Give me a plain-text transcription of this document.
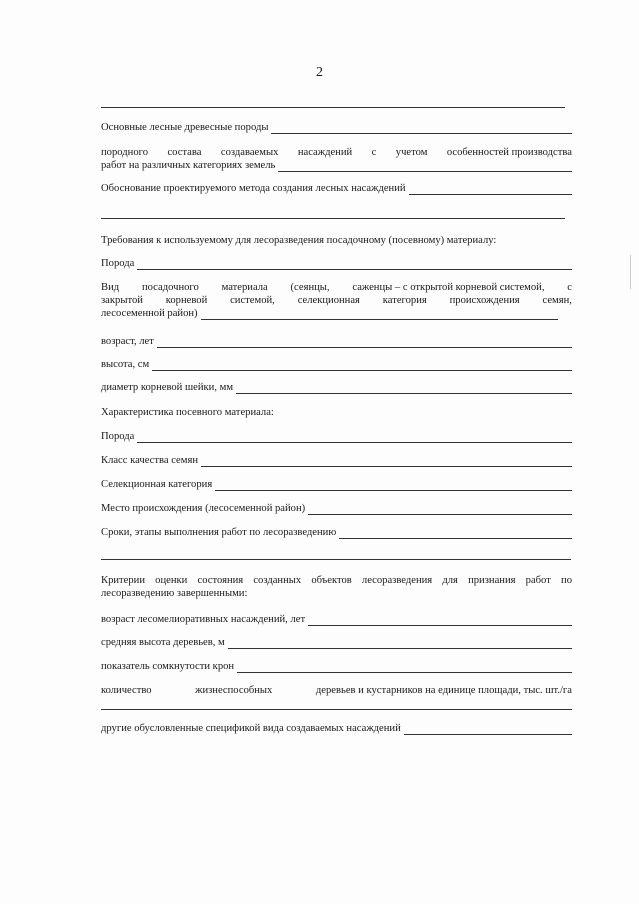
2
Основные лесные древесные породы
породного состава создаваемых насаждений с учетом особенностей производства
работ на различных категориях земель
Обоснование проектируемого метода создания лесных насаждений
Требования к используемому для лесоразведения посадочному (посевному) материалу:
Порода
Вид посадочного материала (сеянцы, саженцы – с открытой корневой системой, с
закрытой корневой системой, селекционная категория происхождения семян,
лесосеменной район)
возраст, лет
высота, см
диаметр корневой шейки, мм
Характеристика посевного материала:
Порода
Класс качества семян
Селекционная категория
Место происхождения (лесосеменной район)
Сроки, этапы выполнения работ по лесоразведению
Критерии оценки состояния созданных объектов лесоразведения для признания работ по лесоразведению завершенными:
возраст лесомелиоративных насаждений, лет
средняя высота деревьев, м
показатель сомкнутости крон
количество	жизнеспособных	деревьев и кустарников на единице площади, тыс. шт./га
другие обусловленные спецификой вида создаваемых насаждений
